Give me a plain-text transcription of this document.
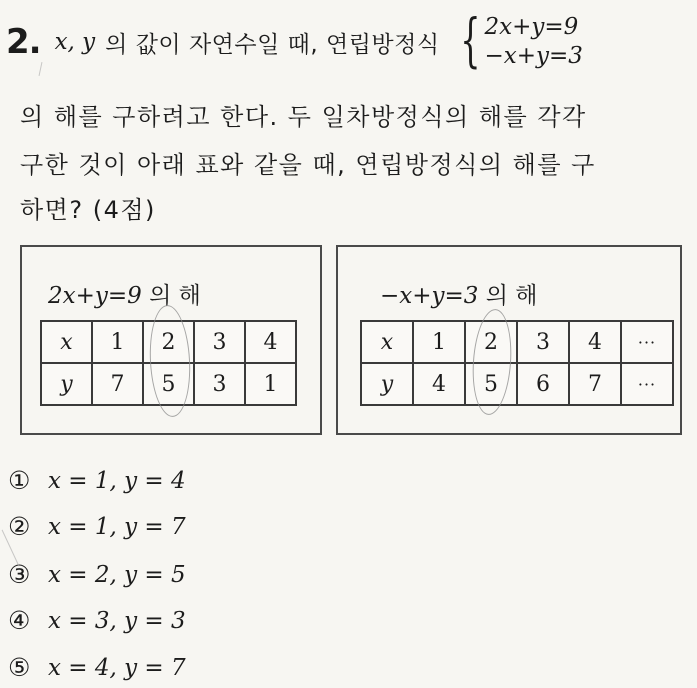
2. x, y 의 값이 자연수일 때, 연립방정식 { 2x+y=9
−x+y=3
의 해를 구하려고 한다. 두 일차방정식의 해를 각각
구한 것이 아래 표와 같을 때, 연립방정식의 해를 구
하면? (4점)
2x+y=9 의 해
x	1	2	3	4
y	7	5	3	1
−x+y=3 의 해
x	1	2	3	4	···
y	4	5	6	7	···
① x = 1, y = 4
② x = 1, y = 7
③ x = 2, y = 5
④ x = 3, y = 3
⑤ x = 4, y = 7
